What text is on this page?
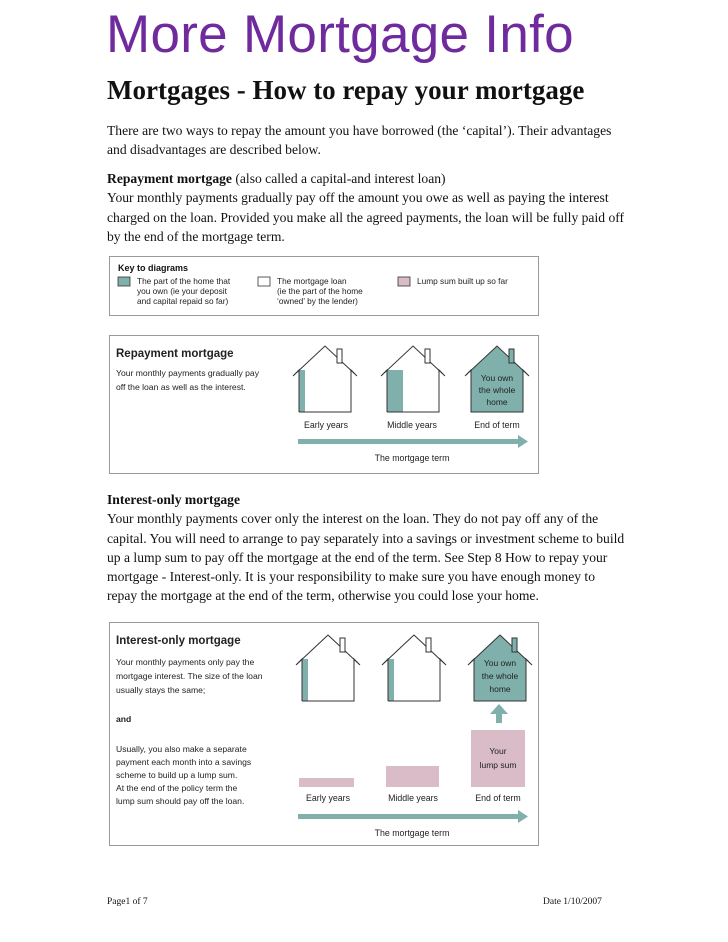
More Mortgage Info
Mortgages - How to repay your mortgage
There are two ways to repay the amount you have borrowed (the ‘capital’). Their advantages and disadvantages are described below.
Repayment mortgage (also called a capital-and interest loan)
Your monthly payments gradually pay off the amount you owe as well as paying the interest charged on the loan. Provided you make all the agreed payments, the loan will be fully paid off by the end of the mortgage term.
Key to diagrams
The part of the home that
you own (ie your deposit
and capital repaid so far)
The mortgage loan
(ie the part of the home
‘owned’ by the lender)
Lump sum built up so far
Repayment mortgage
Your monthly payments gradually pay
off the loan as well as the interest.
You own
the whole
home
Early years	Middle years	End of term
The mortgage term
Interest-only mortgage
Your monthly payments cover only the interest on the loan. They do not pay off any of the capital. You will need to arrange to pay separately into a savings or investment scheme to build up a lump sum to pay off the mortgage at the end of the term. See Step 8 How to repay your mortgage - Interest-only. It is your responsibility to make sure you have enough money to repay the mortgage at the end of the term, otherwise you could lose your home.
Interest-only mortgage
Your monthly payments only pay the
mortgage interest. The size of the loan
usually stays the same;
and
Usually, you also make a separate
payment each month into a savings
scheme to build up a lump sum.
At the end of the policy term the
lump sum should pay off the loan.
You own
the whole
home
Your
lump sum
Early years	Middle years	End of term
The mortgage term
Page1 of 7	Date 1/10/2007
